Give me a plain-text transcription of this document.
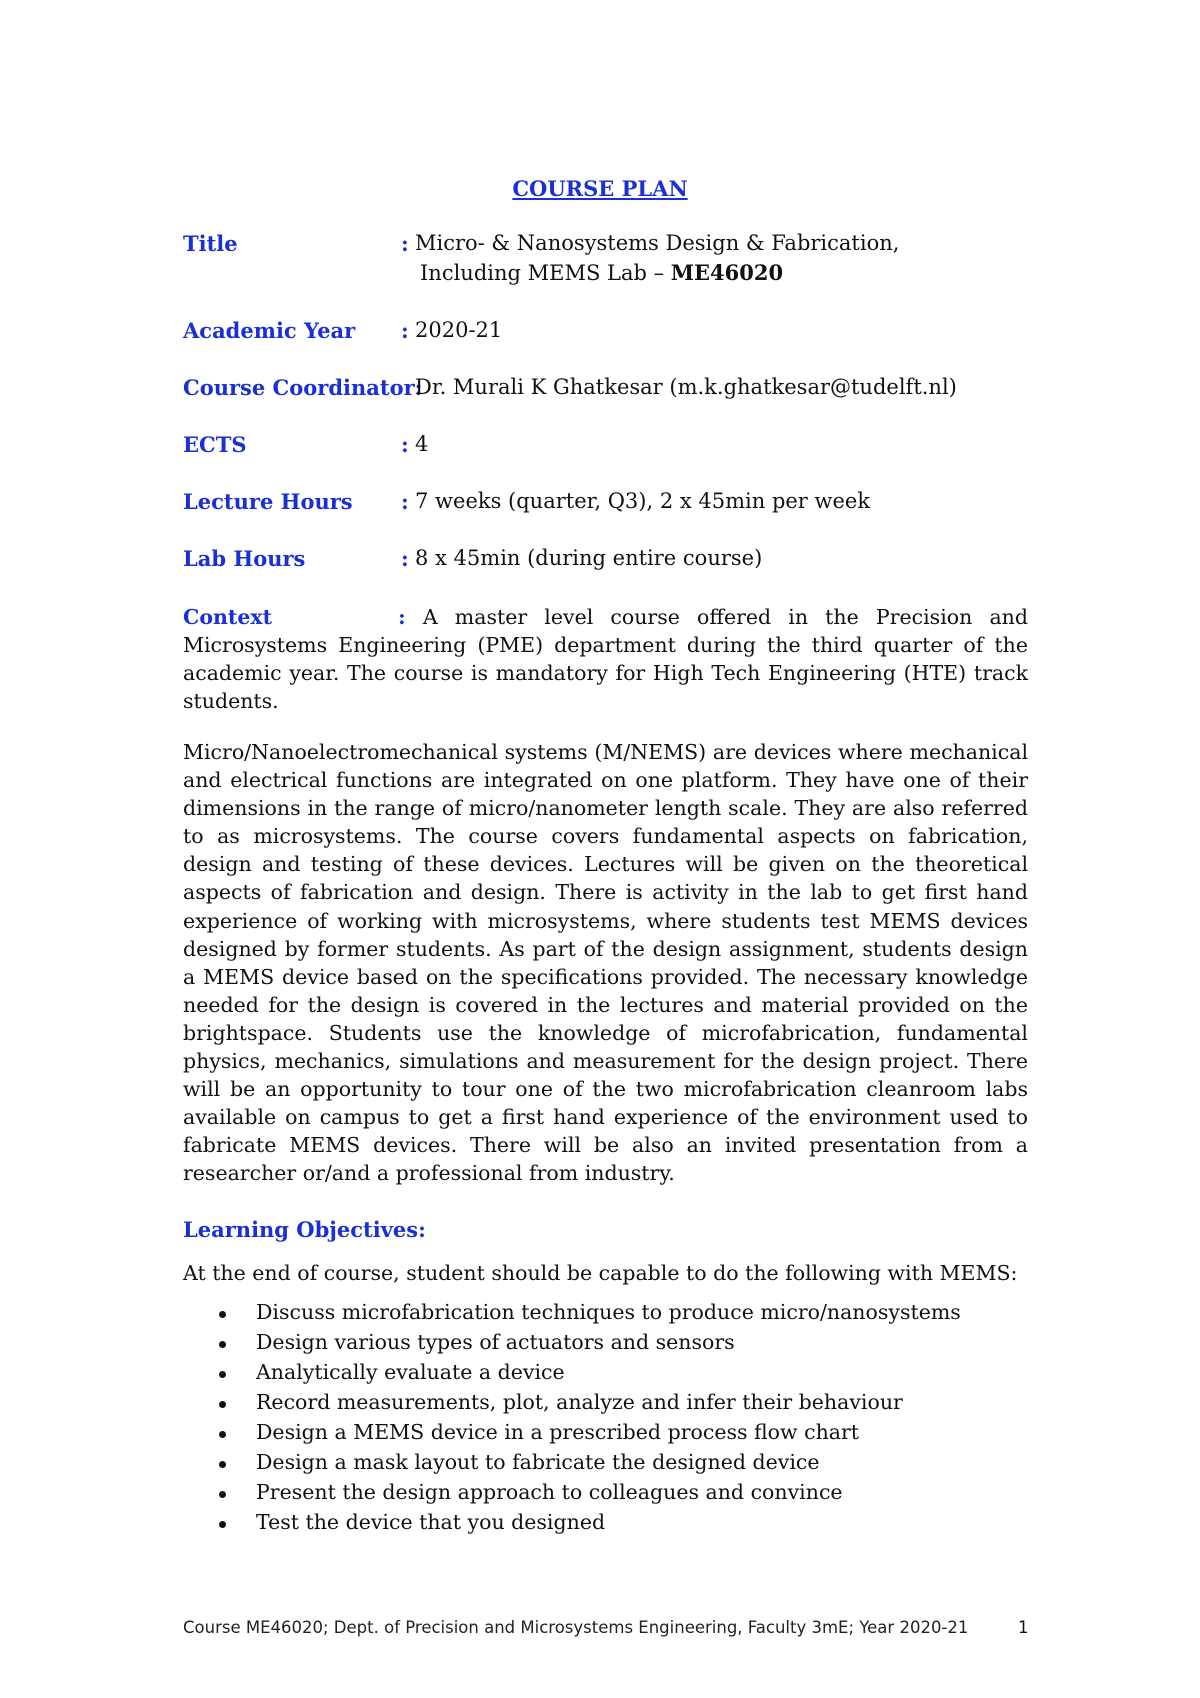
COURSE PLAN
Title	: Micro- & Nanosystems Design & Fabrication,
Including MEMS Lab – ME46020
Academic Year : 2020-21
Course Coordinator:
Dr. Murali K Ghatkesar (m.k.ghatkesar@tudelft.nl)
ECTS	: 4
Lecture Hours : 7 weeks (quarter, Q3), 2 x 45min per week
Lab Hours	: 8 x 45min (during entire course)

Context	: A master level course offered in the Precision and Microsystems Engineering (PME) department during the third quarter of the academic year. The course is mandatory for High Tech Engineering (HTE) track students.

Micro/Nanoelectromechanical systems (M/NEMS) are devices where mechanical and electrical functions are integrated on one platform. They have one of their dimensions in the range of micro/nanometer length scale. They are also referred to as microsystems. The course covers fundamental aspects on fabrication, design and testing of these devices. Lectures will be given on the theoretical aspects of fabrication and design. There is activity in the lab to get first hand experience of working with microsystems, where students test MEMS devices designed by former students. As part of the design assignment, students design a MEMS device based on the specifications provided. The necessary knowledge needed for the design is covered in the lectures and material provided on the brightspace. Students use the knowledge of microfabrication, fundamental physics, mechanics, simulations and measurement for the design project. There will be an opportunity to tour one of the two microfabrication cleanroom labs available on campus to get a first hand experience of the environment used to fabricate MEMS devices. There will be also an invited presentation from a researcher or/and a professional from industry.

Learning Objectives:
At the end of course, student should be capable to do the following with MEMS:
Discuss microfabrication techniques to produce micro/nanosystems
Design various types of actuators and sensors
Analytically evaluate a device
Record measurements, plot, analyze and infer their behaviour
Design a MEMS device in a prescribed process flow chart
Design a mask layout to fabricate the designed device
Present the design approach to colleagues and convince
Test the device that you designed
Course ME46020; Dept. of Precision and Microsystems Engineering, Faculty 3mE; Year 2020-21	1
